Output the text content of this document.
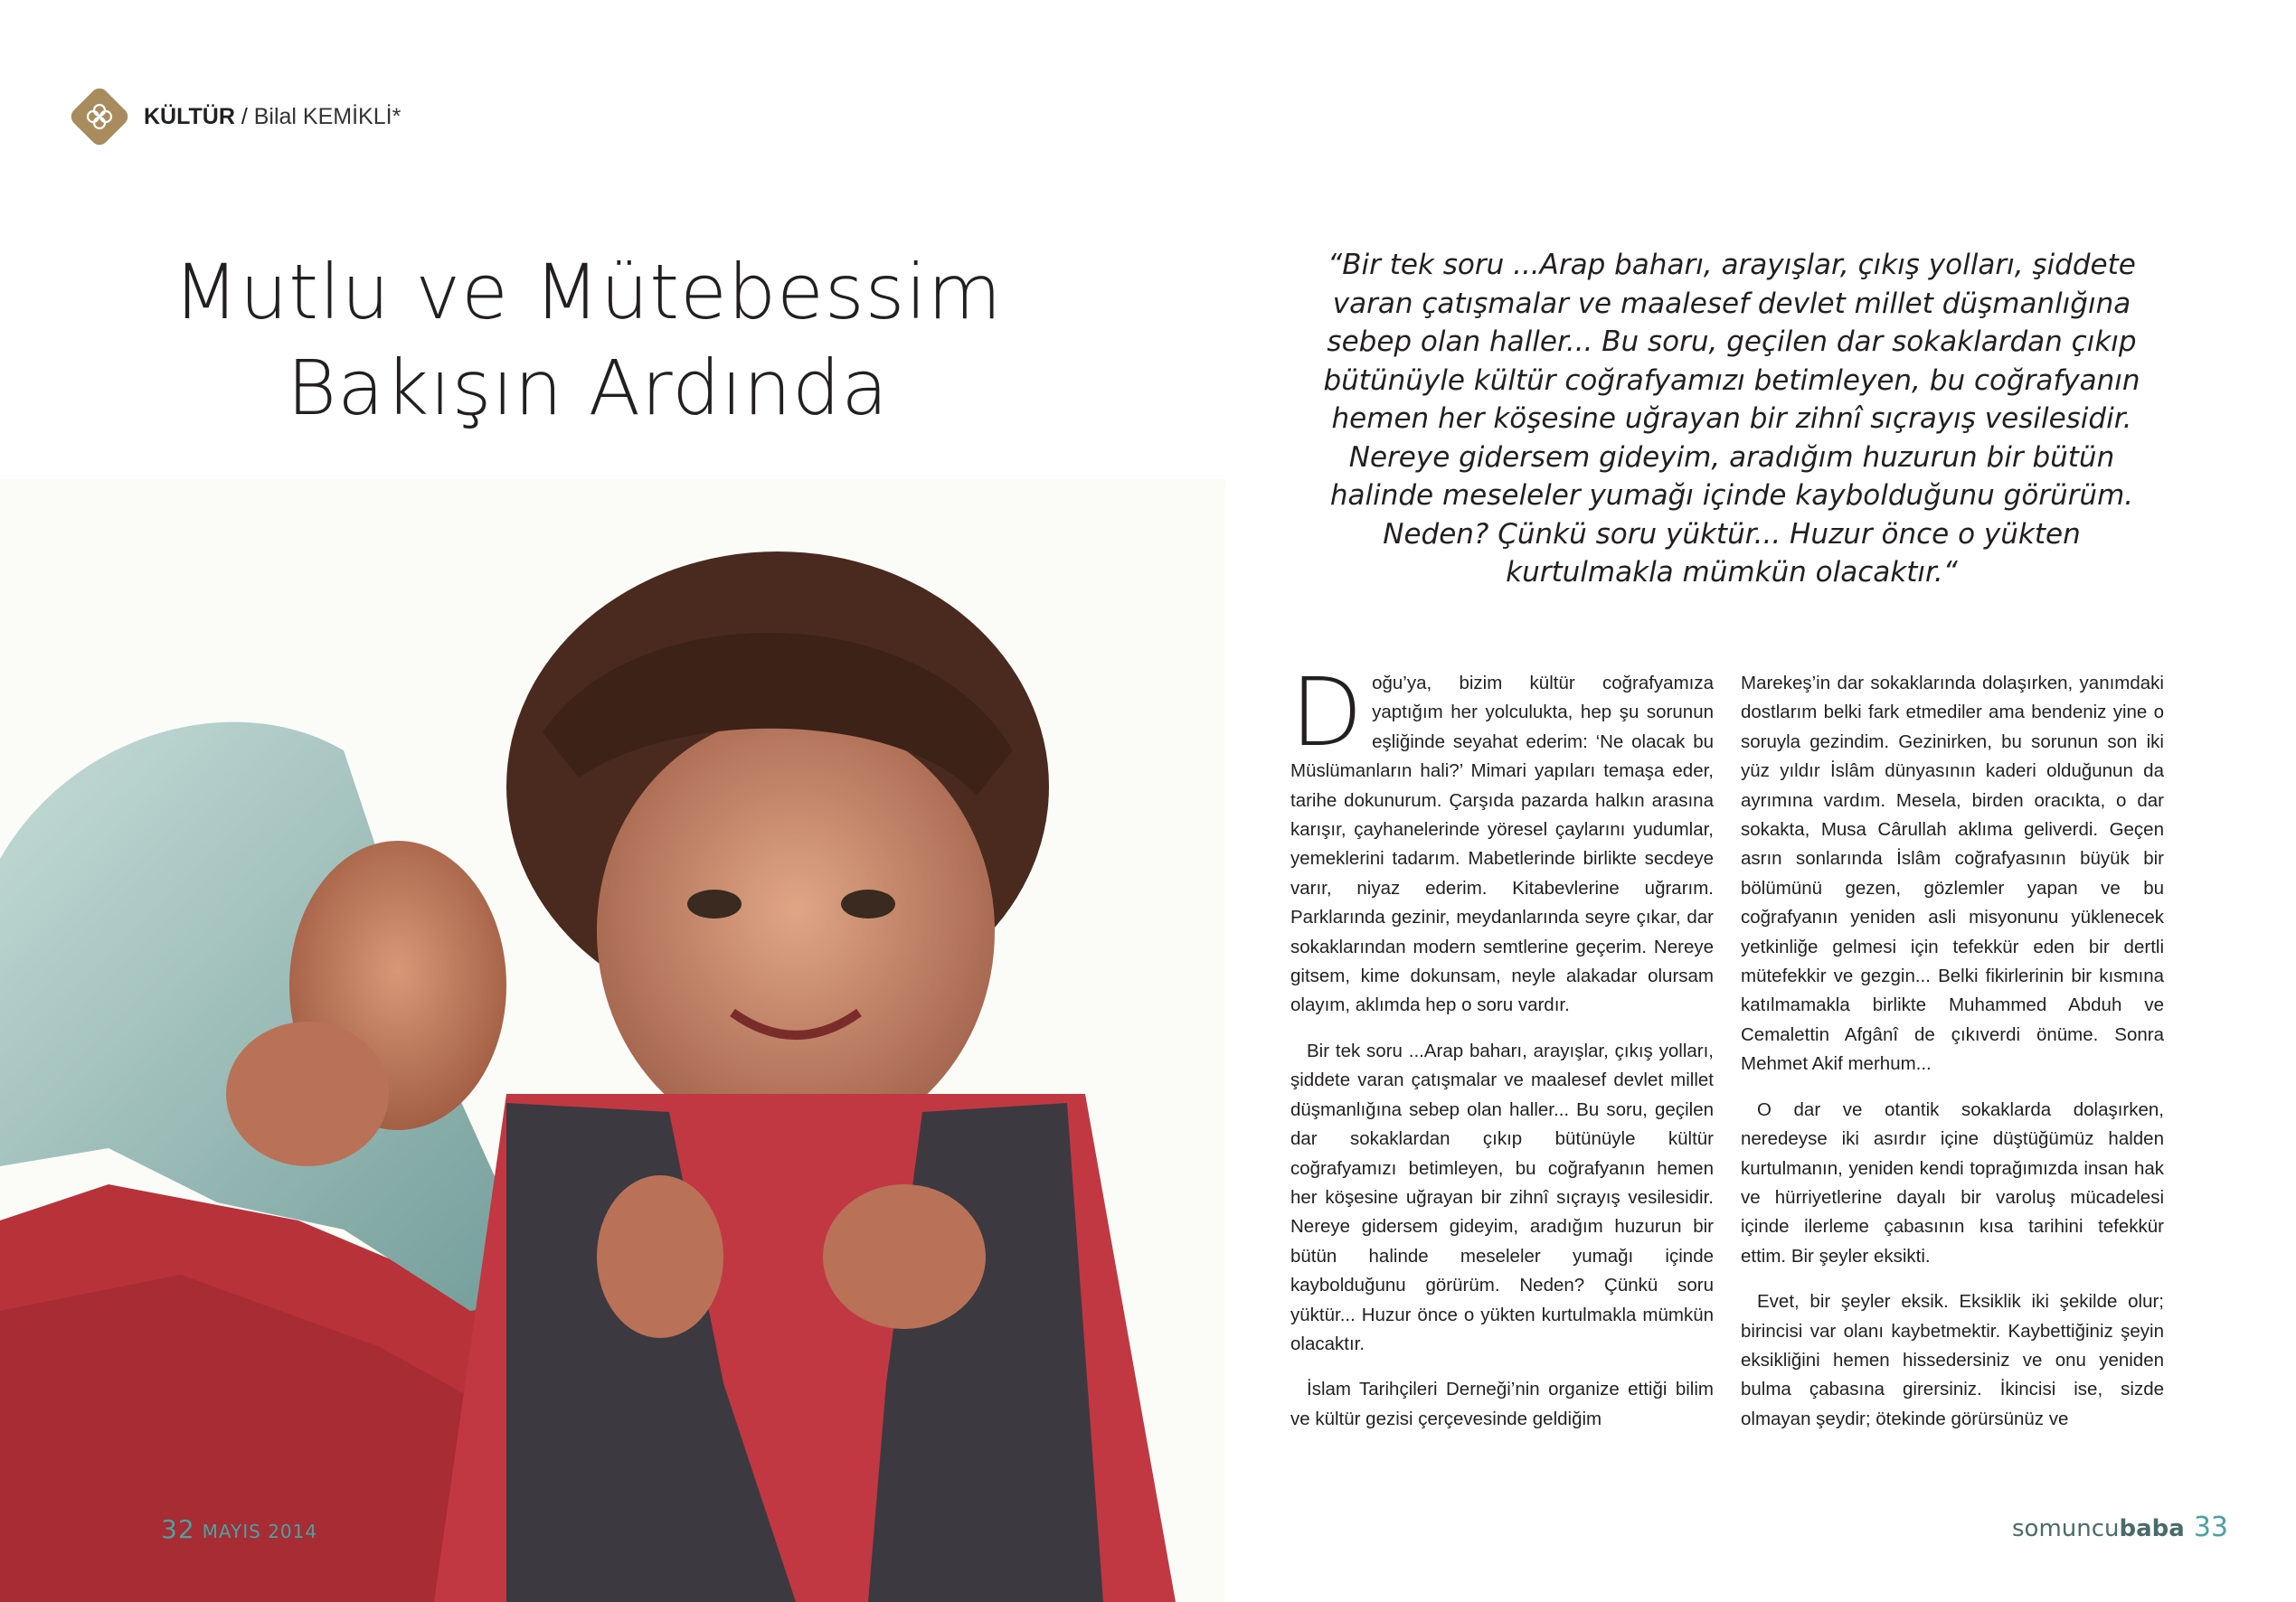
KÜLTÜR / Bilal KEMİKLİ*
Mutlu ve Mütebessim
Bakışın Ardında
32 MAYIS 2014
“Bir tek soru ...Arap baharı, arayışlar, çıkış yolları, şiddete varan çatışmalar ve maalesef devlet millet düşmanlığına sebep olan haller... Bu soru, geçilen dar sokaklardan çıkıp bütünüyle kültür coğrafyamızı betimleyen, bu coğrafyanın hemen her köşesine uğrayan bir zihnî sıçrayış vesilesidir. Nereye gidersem gideyim, aradığım huzurun bir bütün halinde meseleler yumağı içinde kaybolduğunu görürüm. Neden? Çünkü soru yüktür... Huzur önce o yükten kurtulmakla mümkün olacaktır.“

Doğu’ya, bizim kültür coğrafyamıza yaptığım her yolculukta, hep şu sorunun eşliğinde seyahat ederim: ‘Ne olacak bu Müslümanların hali?’ Mimari yapıları temaşa eder, tarihe dokunurum. Çarşıda pazarda halkın arasına karışır, çayhanelerinde yöresel çaylarını yudumlar, yemeklerini tadarım. Mabetlerinde birlikte secdeye varır, niyaz ederim. Kitabevlerine uğrarım. Parklarında gezinir, meydanlarında seyre çıkar, dar sokaklarından modern semtlerine geçerim. Nereye gitsem, kime dokunsam, neyle alakadar olursam olayım, aklımda hep o soru vardır.

Bir tek soru ...Arap baharı, arayışlar, çıkış yolları, şiddete varan çatışmalar ve maalesef devlet millet düşmanlığına sebep olan haller... Bu soru, geçilen dar sokaklardan çıkıp bütünüyle kültür coğrafyamızı betimleyen, bu coğrafyanın hemen her köşesine uğrayan bir zihnî sıçrayış vesilesidir. Nereye gidersem gideyim, aradığım huzurun bir bütün halinde meseleler yumağı içinde kaybolduğunu görürüm. Neden? Çünkü soru yüktür... Huzur önce o yükten kurtulmakla mümkün olacaktır.

İslam Tarihçileri Derneği’nin organize ettiği bilim ve kültür gezisi çerçevesinde geldiğim

Marekeş’in dar sokaklarında dolaşırken, yanımdaki dostlarım belki fark etmediler ama bendeniz yine o soruyla gezindim. Gezinirken, bu sorunun son iki yüz yıldır İslâm dünyasının kaderi olduğunun da ayrımına vardım. Mesela, birden oracıkta, o dar sokakta, Musa Cârullah aklıma geliverdi. Geçen asrın sonlarında İslâm coğrafyasının büyük bir bölümünü gezen, gözlemler yapan ve bu coğrafyanın yeniden asli misyonunu yüklenecek yetkinliğe gelmesi için tefekkür eden bir dertli mütefekkir ve gezgin... Belki fikirlerinin bir kısmına katılmamakla birlikte Muhammed Abduh ve Cemalettin Afgânî de çıkıverdi önüme. Sonra Mehmet Akif merhum...

O dar ve otantik sokaklarda dolaşırken, neredeyse iki asırdır içine düştüğümüz halden kurtulmanın, yeniden kendi toprağımızda insan hak ve hürriyetlerine dayalı bir varoluş mücadelesi içinde ilerleme çabasının kısa tarihini tefekkür ettim. Bir şeyler eksikti.

Evet, bir şeyler eksik. Eksiklik iki şekilde olur; birincisi var olanı kaybetmektir. Kaybettiğiniz şeyin eksikliğini hemen hissedersiniz ve onu yeniden bulma çabasına girersiniz. İkincisi ise, sizde olmayan şeydir; ötekinde görürsünüz ve

somuncubaba 33
